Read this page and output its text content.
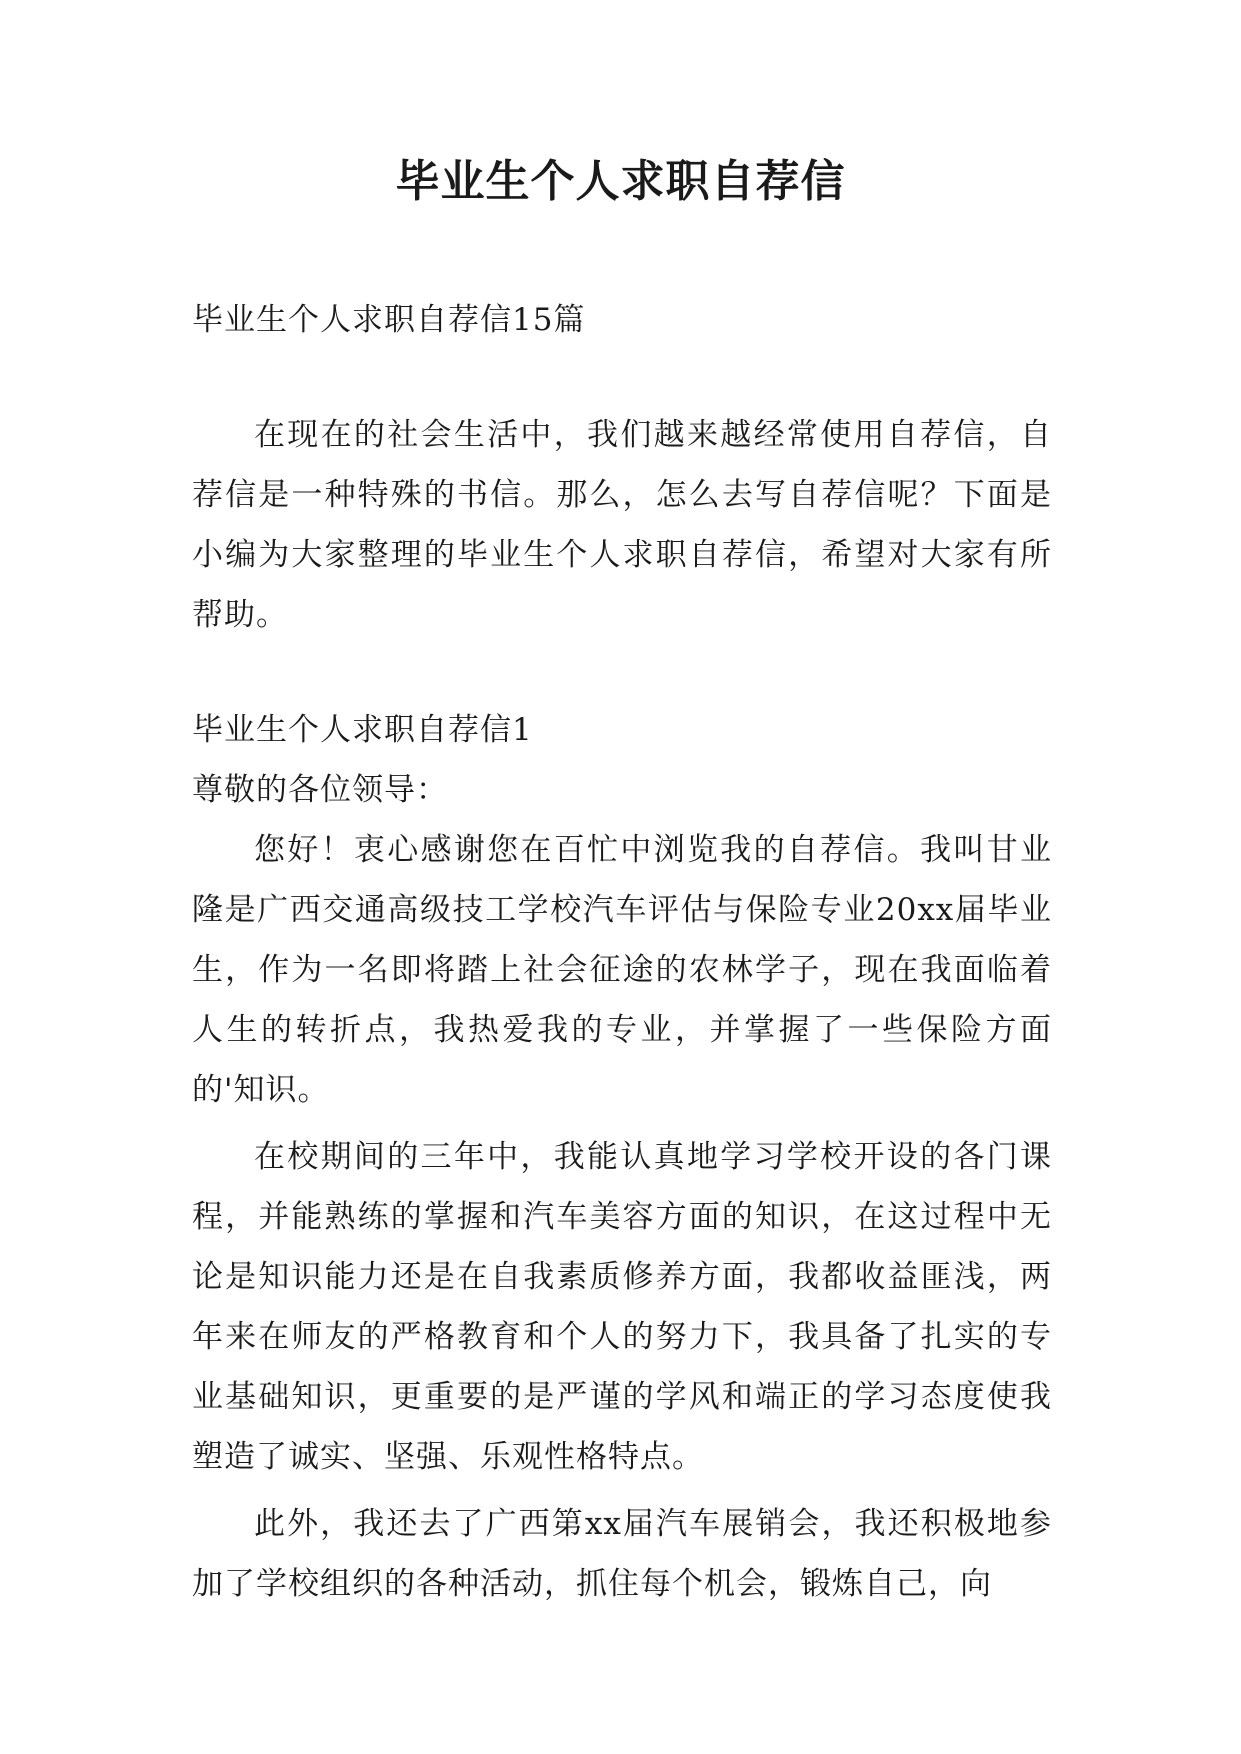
毕业生个人求职自荐信

毕业生个人求职自荐信15篇

在现在的社会生活中，我们越来越经常使用自荐信，自荐信是一种特殊的书信。那么，怎么去写自荐信呢？下面是小编为大家整理的毕业生个人求职自荐信，希望对大家有所帮助。

毕业生个人求职自荐信1

尊敬的各位领导：

您好！衷心感谢您在百忙中浏览我的自荐信。我叫甘业隆是广西交通高级技工学校汽车评估与保险专业20xx届毕业生，作为一名即将踏上社会征途的农林学子，现在我面临着人生的转折点，我热爱我的专业，并掌握了一些保险方面的'知识。

在校期间的三年中，我能认真地学习学校开设的各门课程，并能熟练的掌握和汽车美容方面的知识，在这过程中无论是知识能力还是在自我素质修养方面，我都收益匪浅，两年来在师友的严格教育和个人的努力下，我具备了扎实的专业基础知识，更重要的是严谨的学风和端正的学习态度使我塑造了诚实、坚强、乐观性格特点。

此外，我还去了广西第xx届汽车展销会，我还积极地参加了学校组织的各种活动，抓住每个机会，锻炼自己，向
